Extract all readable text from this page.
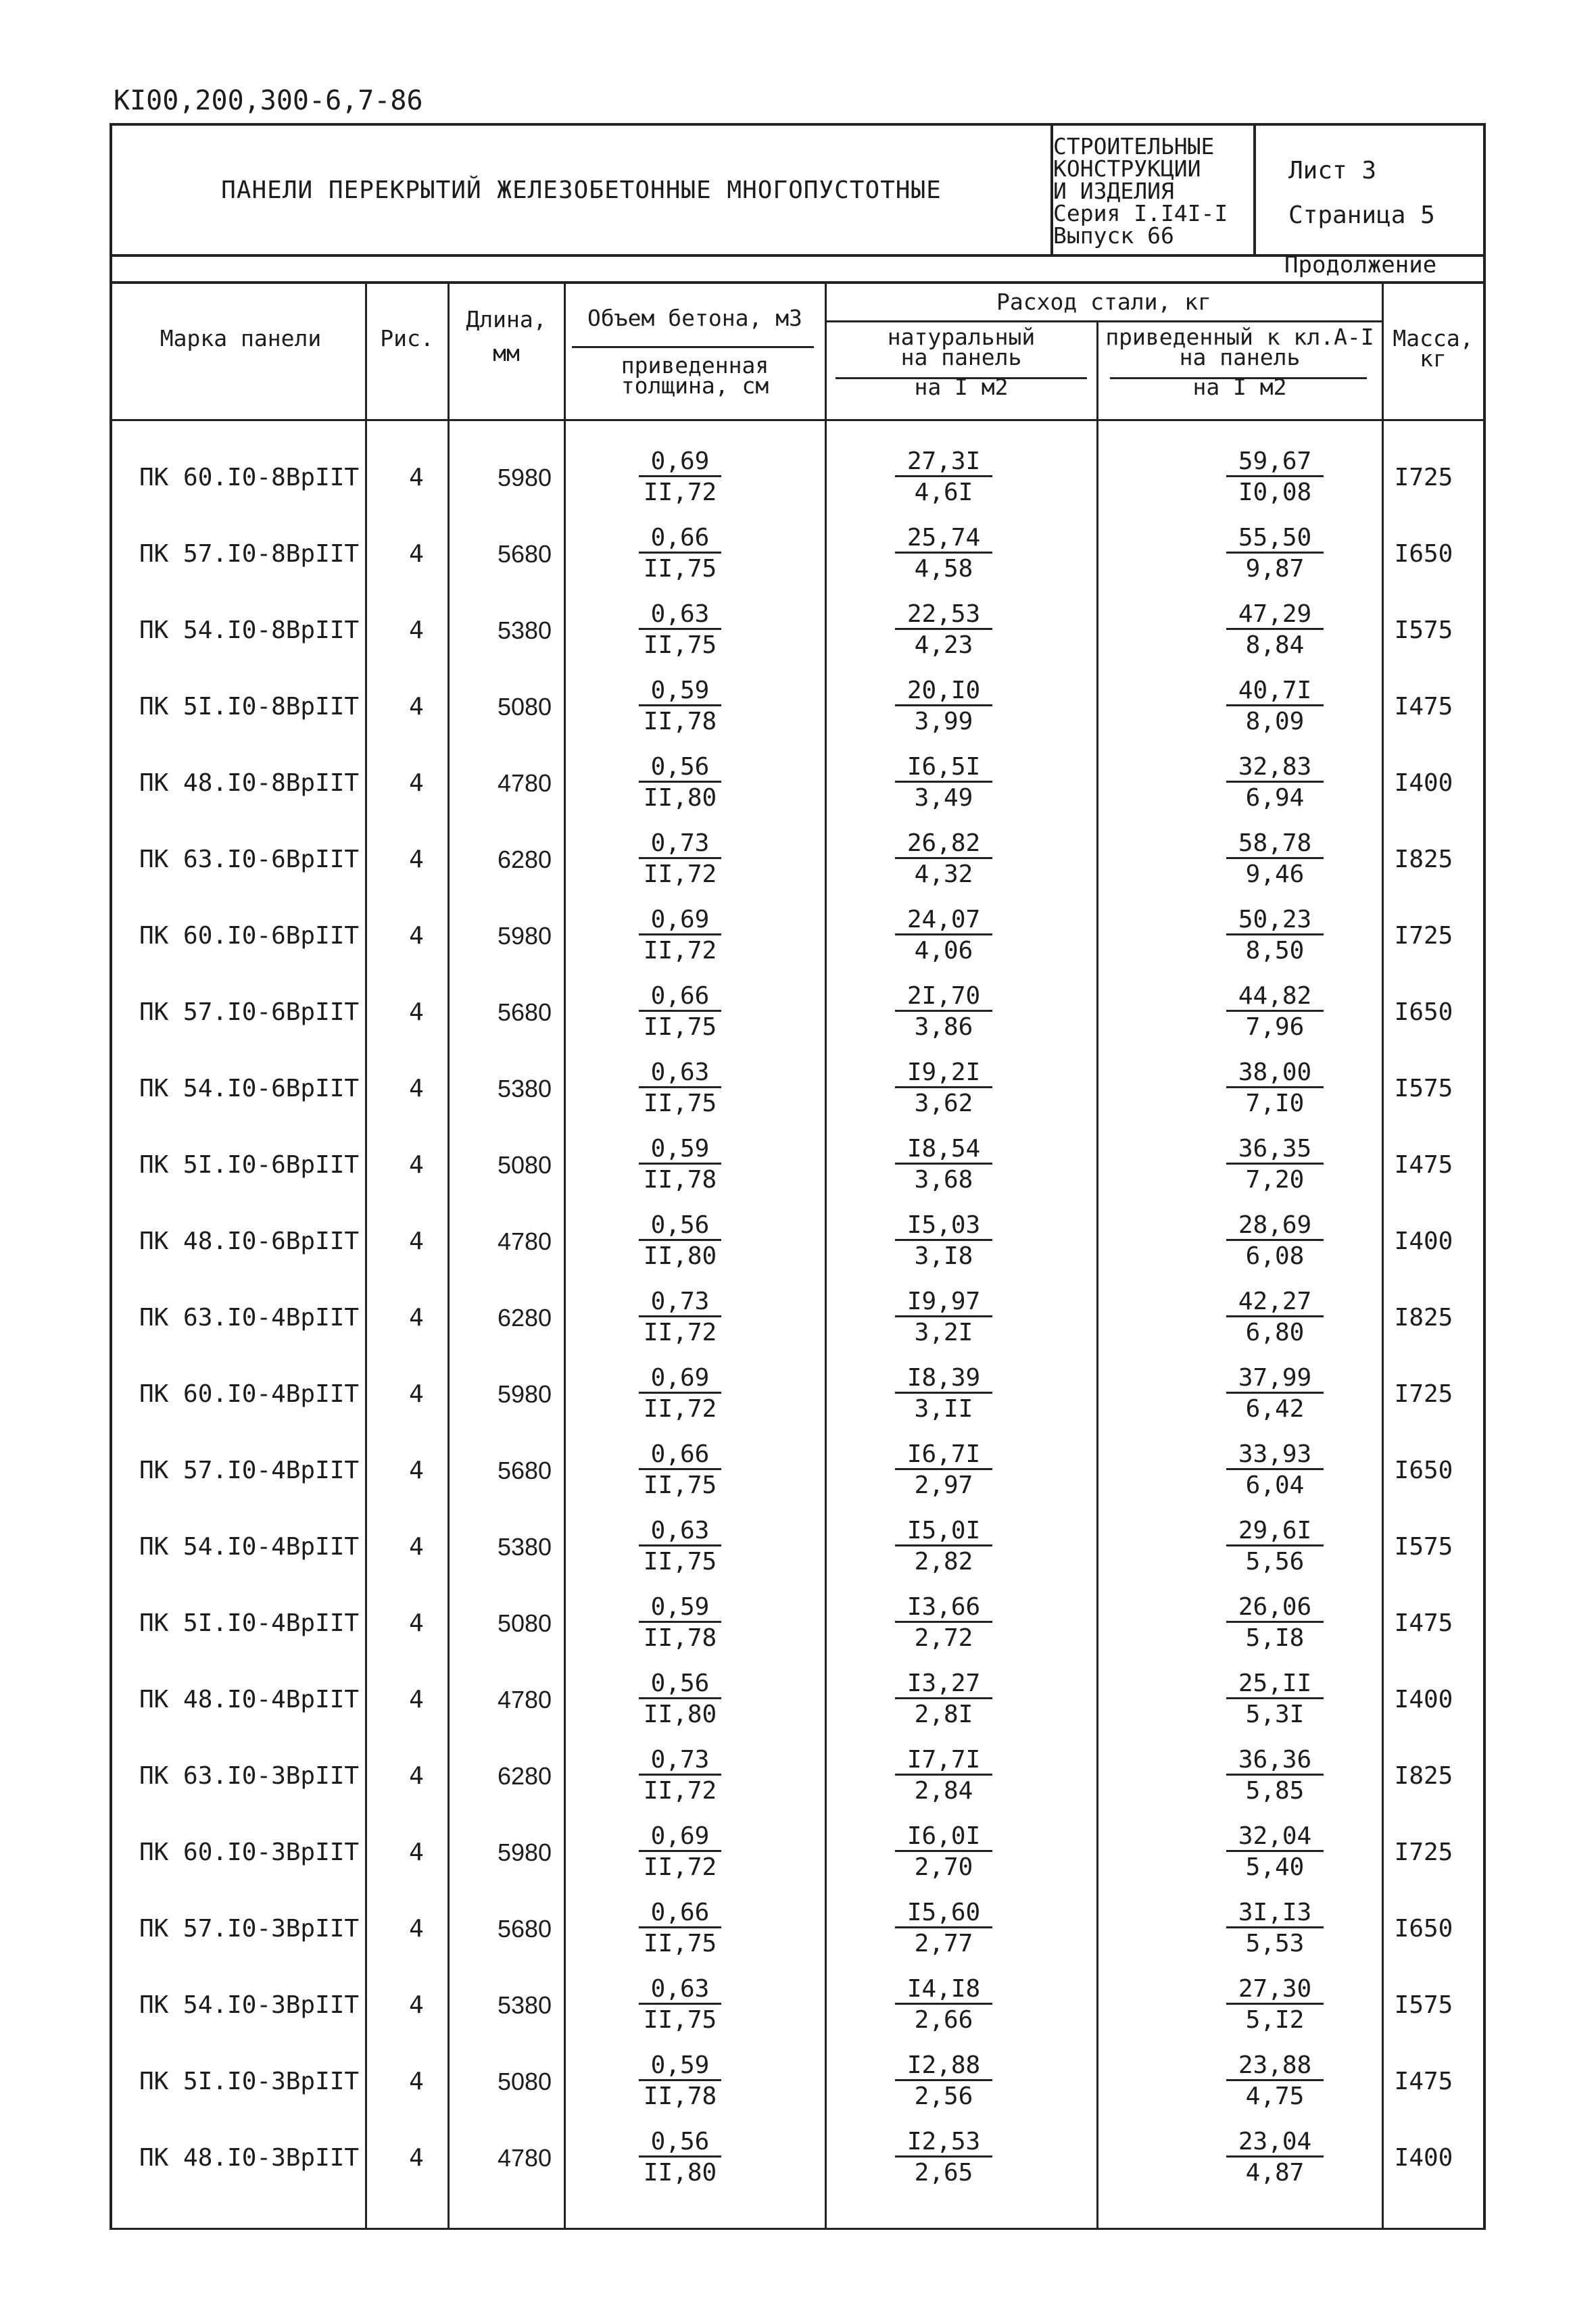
КI00,200,300-6,7-86
ПАНЕЛИ ПЕРЕКРЫТИЙ ЖЕЛЕЗОБЕТОННЫЕ МНОГОПУСТОТНЫЕ
СТРОИТЕЛЬНЫЕ
КОНСТРУКЦИИ
И ИЗДЕЛИЯ
Серия I.I4I-I
Выпуск 66
Лист 3
Страница 5
Продолжение
Марка панели	Рис.
Длина,
мм
Объем бетона, м3
приведенная
толщина, см
Расход стали, кг
натуральный
на панель
на I м2
приведенный к кл.А-I
на панель
на I м2
Масса,
кг
ПК 60.I0-8ВрIIТ	4	5980	$\frac{0,69}{II,72}$	$\frac{27,3I}{4,6I}$	$\frac{59,67}{I0,08} I725$
ПК 57.I0-8ВрIIТ	4	5680	$\frac{0,66}{II,75}$	$\frac{25,74}{4,58}$	$\frac{55,50}{9,87} I650$
ПК 54.I0-8ВрIIТ	4	5380	$\frac{0,63}{II,75}$	$\frac{22,53}{4,23}$	$\frac{47,29}{8,84} I575$
ПК 5I.I0-8ВрIIТ	4	5080	$\frac{0,59}{II,78}$	$\frac{20,I0}{3,99}$	$\frac{40,7I}{8,09} I475$
ПК 48.I0-8ВрIIТ	4	4780	$\frac{0,56}{II,80}$	$\frac{I6,5I}{3,49}$	$\frac{32,83}{6,94} I400$
ПК 63.I0-6ВрIIТ	4	6280	$\frac{0,73}{II,72}$	$\frac{26,82}{4,32}$	$\frac{58,78}{9,46} I825$
ПК 60.I0-6ВрIIТ	4	5980	$\frac{0,69}{II,72}$	$\frac{24,07}{4,06}$	$\frac{50,23}{8,50} I725$
ПК 57.I0-6ВрIIТ	4	5680	$\frac{0,66}{II,75}$	$\frac{2I,70}{3,86}$	$\frac{44,82}{7,96} I650$
ПК 54.I0-6ВрIIТ	4	5380	$\frac{0,63}{II,75}$	$\frac{I9,2I}{3,62}$	$\frac{38,00}{7,I0} I575$
ПК 5I.I0-6ВрIIТ	4	5080	$\frac{0,59}{II,78}$	$\frac{I8,54}{3,68}$	$\frac{36,35}{7,20} I475$
ПК 48.I0-6ВрIIТ	4	4780	$\frac{0,56}{II,80}$	$\frac{I5,03}{3,I8}$	$\frac{28,69}{6,08} I400$
ПК 63.I0-4ВрIIТ	4	6280	$\frac{0,73}{II,72}$	$\frac{I9,97}{3,2I}$	$\frac{42,27}{6,80} I825$
ПК 60.I0-4ВрIIТ	4	5980	$\frac{0,69}{II,72}$	$\frac{I8,39}{3,II}$	$\frac{37,99}{6,42} I725$
ПК 57.I0-4ВрIIТ	4	5680	$\frac{0,66}{II,75}$	$\frac{I6,7I}{2,97}$	$\frac{33,93}{6,04} I650$
ПК 54.I0-4ВрIIТ	4	5380	$\frac{0,63}{II,75}$	$\frac{I5,0I}{2,82}$	$\frac{29,6I}{5,56} I575$
ПК 5I.I0-4ВрIIТ	4	5080	$\frac{0,59}{II,78}$	$\frac{I3,66}{2,72}$	$\frac{26,06}{5,I8} I475$
ПК 48.I0-4ВрIIТ	4	4780	$\frac{0,56}{II,80}$	$\frac{I3,27}{2,8I}$	$\frac{25,II}{5,3I} I400$
ПК 63.I0-3ВрIIТ	4	6280	$\frac{0,73}{II,72}$	$\frac{I7,7I}{2,84}$	$\frac{36,36}{5,85} I825$
ПК 60.I0-3ВрIIТ	4	5980	$\frac{0,69}{II,72}$	$\frac{I6,0I}{2,70}$	$\frac{32,04}{5,40} I725$
ПК 57.I0-3ВрIIТ	4	5680	$\frac{0,66}{II,75}$	$\frac{I5,60}{2,77}$	$\frac{3I,I3}{5,53} I650$
ПК 54.I0-3ВрIIТ	4	5380	$\frac{0,63}{II,75}$	$\frac{I4,I8}{2,66}$	$\frac{27,30}{5,I2} I575$
ПК 5I.I0-3ВрIIТ	4	5080	$\frac{0,59}{II,78}$	$\frac{I2,88}{2,56}$	$\frac{23,88}{4,75} I475$
ПК 48.I0-3ВрIIТ	4	4780	$\frac{0,56}{II,80}$	$\frac{I2,53}{2,65}$	$\frac{23,04}{4,87} I400$
